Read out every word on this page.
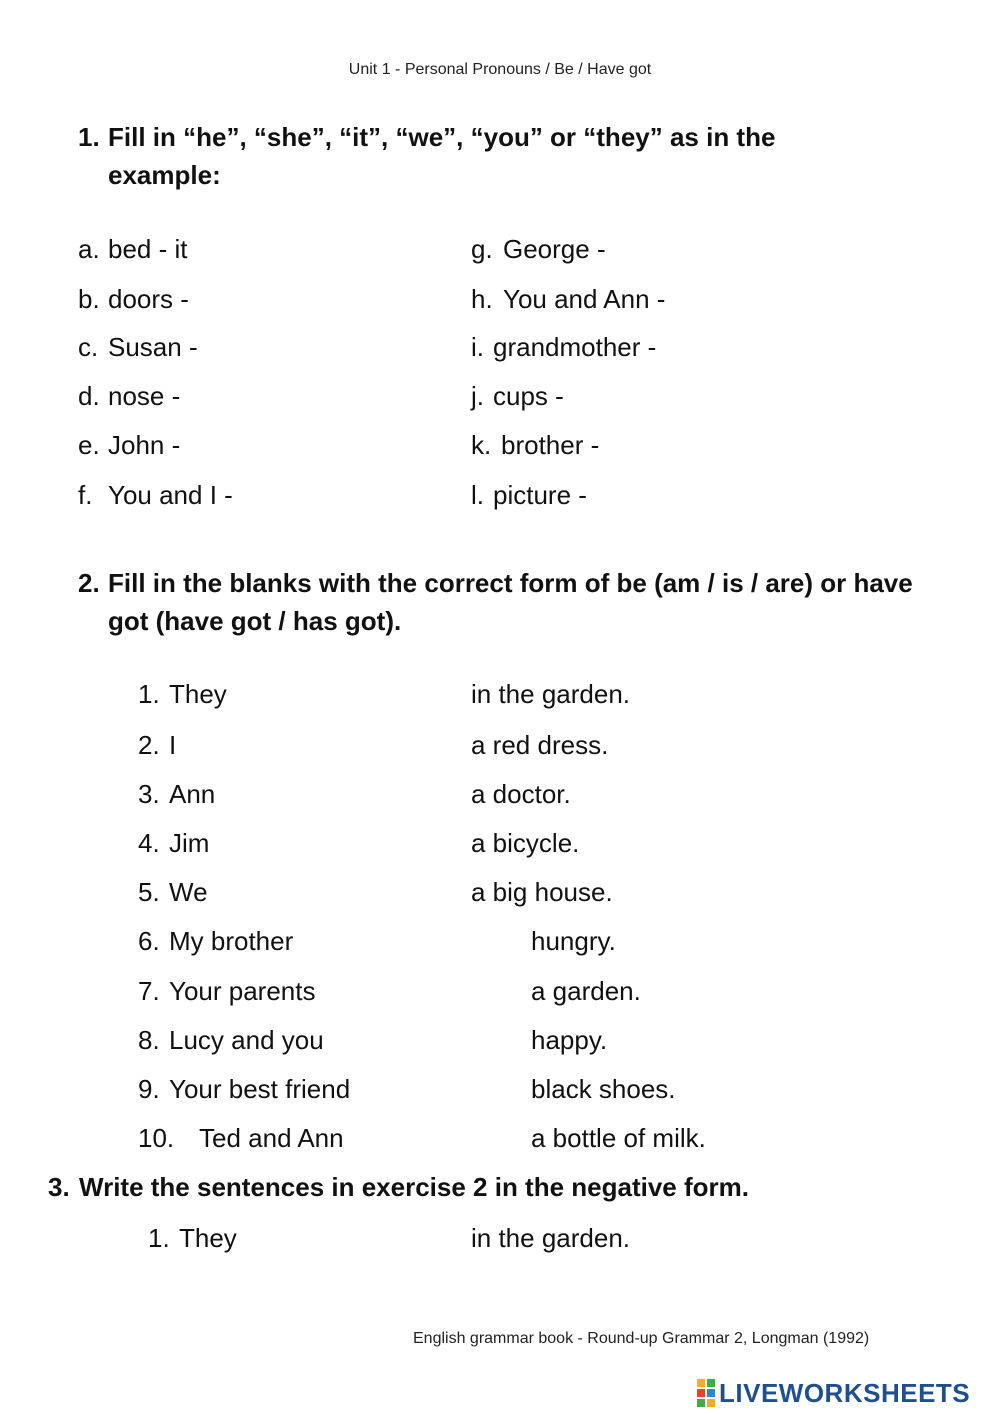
Unit 1 - Personal Pronouns / Be / Have got
1. Fill in “he”, “she”, “it”, “we”, “you” or “they” as in the example:
a. bed - it
b. doors -
c. Susan -
d. nose -
e. John -
f. You and I -
g. George -
h. You and Ann -
i. grandmother -
j. cups -
k. brother -
l. picture -
2. Fill in the blanks with the correct form of be (am / is / are) or have got (have got / has got).
1. They	in the garden.
2. I	a red dress.
3. Ann	a doctor.
4. Jim	a bicycle.
5. We	a big house.
6. My brother	hungry.
7. Your parents	a garden.
8. Lucy and you	happy.
9. Your best friend	black shoes.
10. Ted and Ann	a bottle of milk.
3. Write the sentences in exercise 2 in the negative form.
1. They	in the garden.
English grammar book - Round-up Grammar 2, Longman (1992)
LIVEWORKSHEETS
